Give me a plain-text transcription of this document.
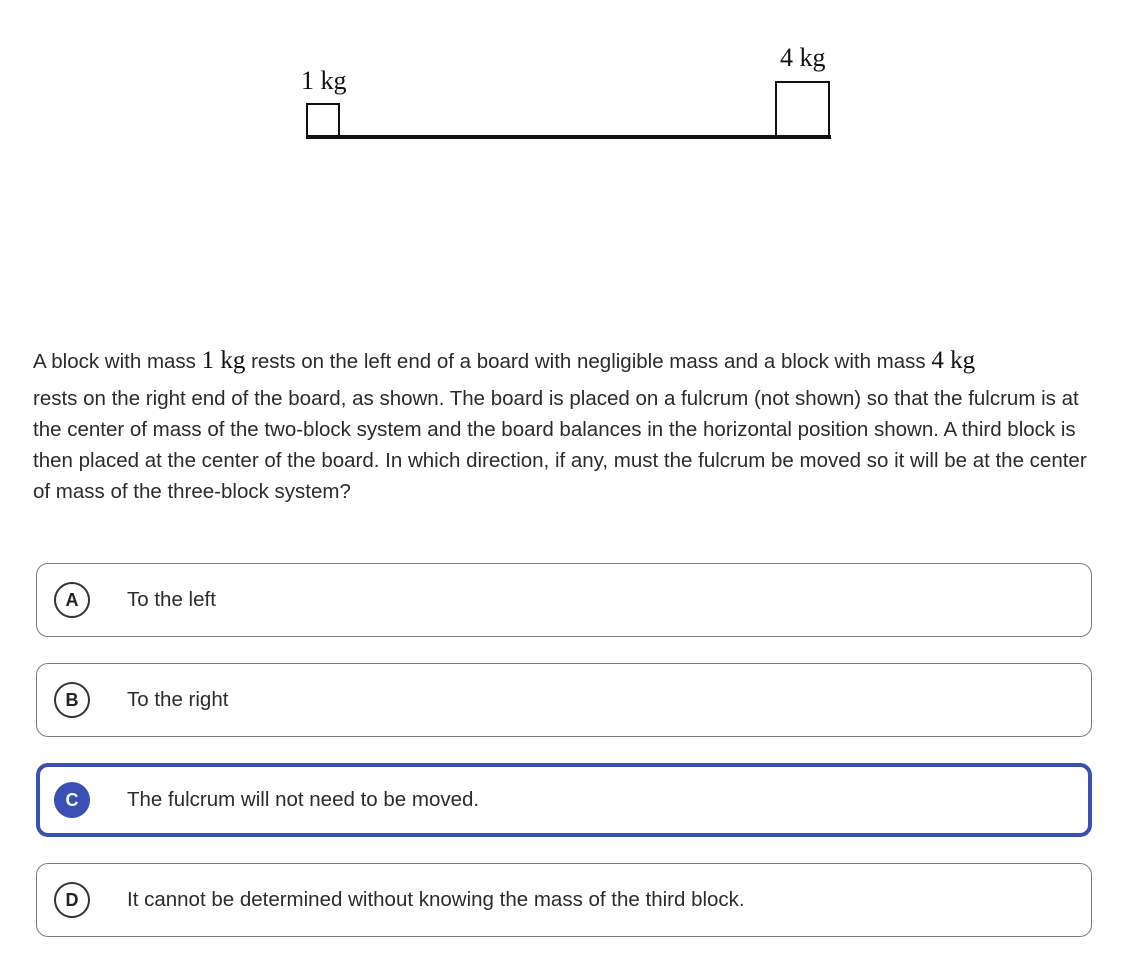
1 kg
4 kg
A block with mass 1 kg rests on the left end of a board with negligible mass and a block with mass 4 kg
rests on the right end of the board, as shown. The board is placed on a fulcrum (not shown) so that the fulcrum is at the center of mass of the two-block system and the board balances in the horizontal position shown. A third block is then placed at the center of the board. In which direction, if any, must the fulcrum be moved so it will be at the center of mass of the three-block system?
A	To the left
B	To the right
C	The fulcrum will not need to be moved.
D	It cannot be determined without knowing the mass of the third block.
